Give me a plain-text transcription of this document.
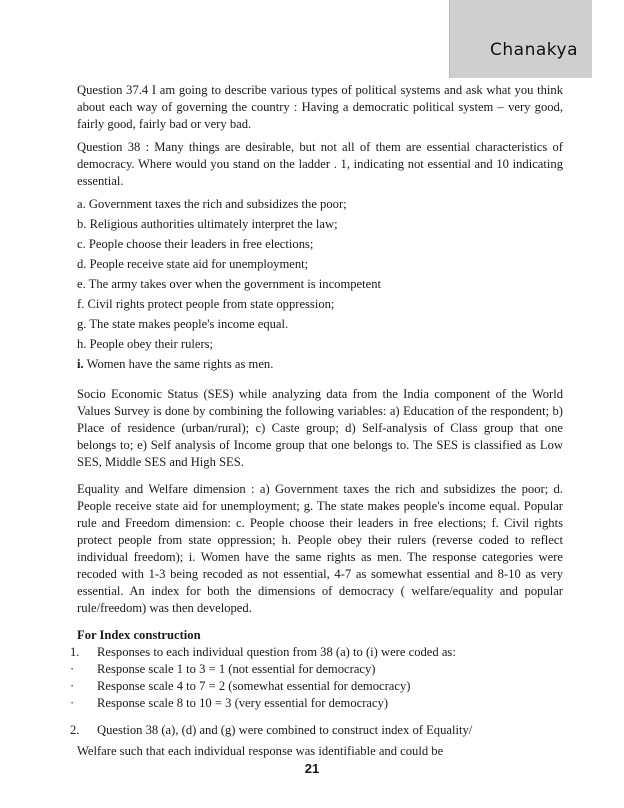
Chanakya

Question 37.4 I am going to describe various types of political systems and ask what you think about each way of governing the country : Having a democratic political system – very good, fairly good, fairly bad or very bad.

Question 38 : Many things are desirable, but not all of them are essential characteristics of democracy. Where would you stand on the ladder . 1, indicating not essential and 10 indicating essential.

a. Government taxes the rich and subsidizes the poor;

b. Religious authorities ultimately interpret the law;

c. People choose their leaders in free elections;

d. People receive state aid for unemployment;

e. The army takes over when the government is incompetent

f. Civil rights protect people from state oppression;

g. The state makes people's income equal.

h. People obey their rulers;

i. Women have the same rights as men.

Socio Economic Status (SES) while analyzing data from the India component of the World Values Survey is done by combining the following variables: a) Education of the respondent; b) Place of residence (urban/rural); c) Caste group; d) Self-analysis of Class group that one belongs to; e) Self analysis of Income group that one belongs to. The SES is classified as Low SES, Middle SES and High SES.

Equality and Welfare dimension : a) Government taxes the rich and subsidizes the poor; d. People receive state aid for unemployment; g. The state makes people's income equal. Popular rule and Freedom dimension: c. People choose their leaders in free elections; f. Civil rights protect people from state oppression; h. People obey their rulers (reverse coded to reflect individual freedom); i. Women have the same rights as men. The response categories were recoded with 1-3 being recoded as not essential, 4-7 as somewhat essential and 8-10 as very essential. An index for both the dimensions of democracy ( welfare/equality and popular rule/freedom) was then developed.

For Index construction

1.	Responses to each individual question from 38 (a) to (i) were coded as:
·	Response scale 1 to 3 = 1 (not essential for democracy)
·	Response scale 4 to 7 = 2 (somewhat essential for democracy)
·	Response scale 8 to 10 = 3 (very essential for democracy)
2.	Question 38 (a), (d) and (g) were combined to construct index of Equality/

Welfare such that each individual response was identifiable and could be

21
